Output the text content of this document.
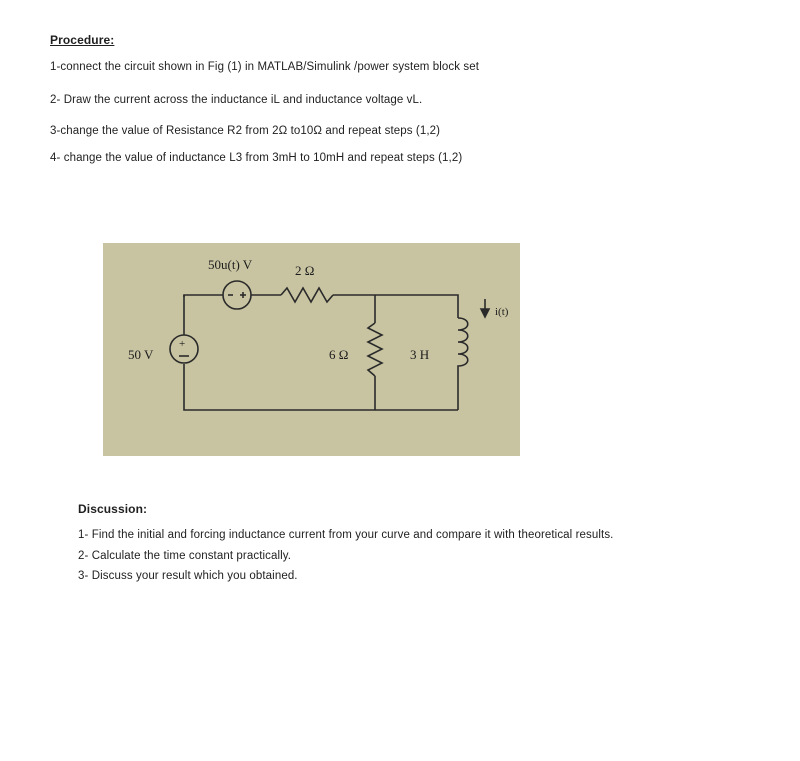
Procedure:
1-connect the circuit shown in Fig (1) in MATLAB/Simulink /power system block set
2- Draw the current across the inductance iL and inductance voltage vL.
3-change the value of Resistance R2 from 2Ω to10Ω and repeat steps (1,2)
4- change the value of inductance L3 from 3mH to 10mH and repeat steps (1,2)
+
50u(t) V	2 Ω
i(t)
50 V	6 Ω	3 H
Discussion:
1- Find the initial and forcing inductance current from your curve and compare it with theoretical results.
2- Calculate the time constant practically.
3- Discuss your result which you obtained.
